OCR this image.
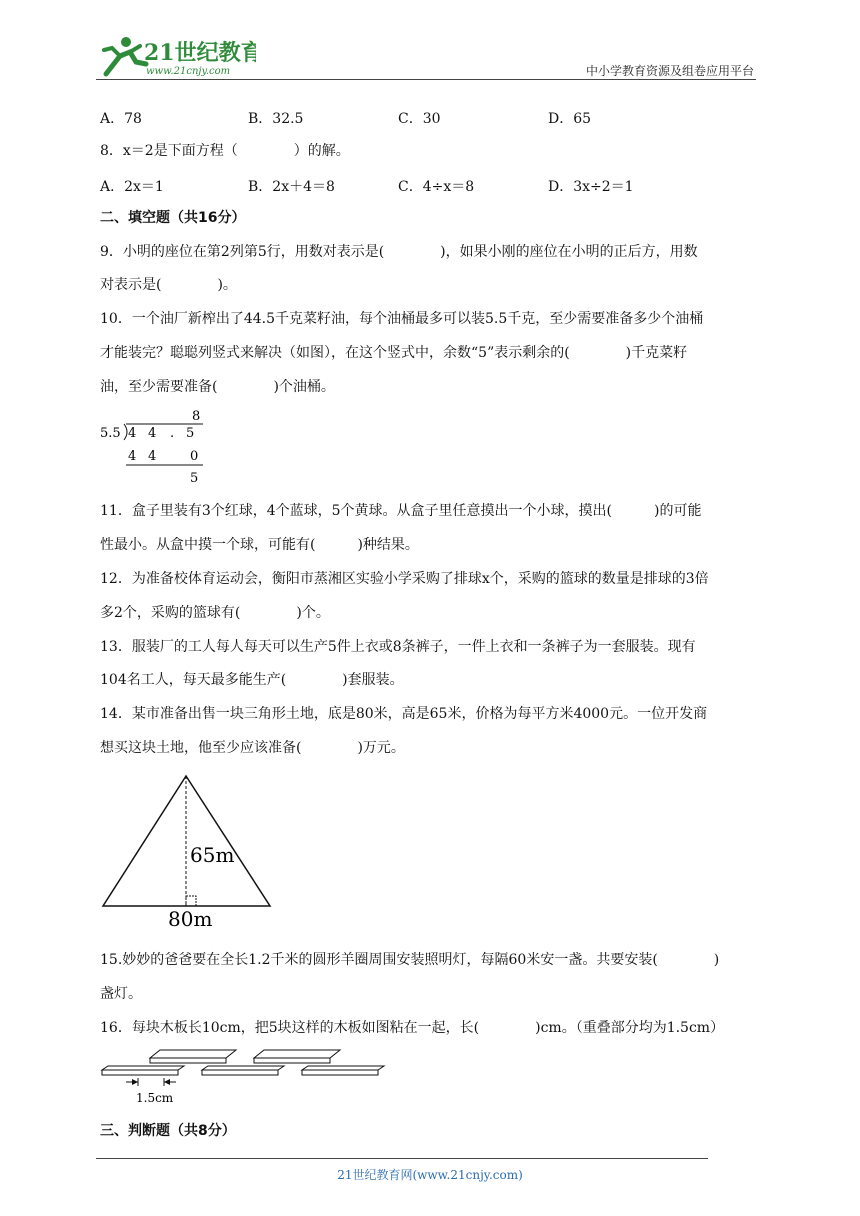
21世纪教育
www.21cnjy.com	中小学教育资源及组卷应用平台
A．78	B．32.5	C．30	D．65
8．x＝2是下面方程（　　　　）的解。
A．2x＝1	B．2x＋4＝8	C．4÷x＝8	D．3x÷2＝1
二、填空题（共16分）
9．小明的座位在第2列第5行，用数对表示是(　　　　)，如果小刚的座位在小明的正后方，用数
对表示是(　　　　)。
10．一个油厂新榨出了44.5千克菜籽油，每个油桶最多可以装5.5千克，至少需要准备多少个油桶
才能装完？聪聪列竖式来解决（如图），在这个竖式中，余数“5”表示剩余的(　　　　)千克菜籽
油，至少需要准备(　　　　)个油桶。
8
5.5 4 4 . 5
4 4	0
5
11．盒子里装有3个红球，4个蓝球，5个黄球。从盒子里任意摸出一个小球，摸出(　　　)的可能
性最小。从盒中摸一个球，可能有(　　　)种结果。
12．为准备校体育运动会，衡阳市蒸湘区实验小学采购了排球x个，采购的篮球的数量是排球的3倍
多2个，采购的篮球有(　　　　)个。
13．服装厂的工人每人每天可以生产5件上衣或8条裤子，一件上衣和一条裤子为一套服装。现有
104名工人，每天最多能生产(　　　　)套服装。
14．某市准备出售一块三角形土地，底是80米，高是65米，价格为每平方米4000元。一位开发商
想买这块土地，他至少应该准备(　　　　)万元。
65m
80m
15.妙妙的爸爸要在全长1.2千米的圆形羊圈周围安装照明灯，每隔60米安一盏。共要安装(　　　　)
盏灯。
16．每块木板长10cm，把5块这样的木板如图粘在一起，长(　　　　)cm。（重叠部分均为1.5cm）
1.5cm
三、判断题（共8分）
21世纪教育网(www.21cnjy.com)
